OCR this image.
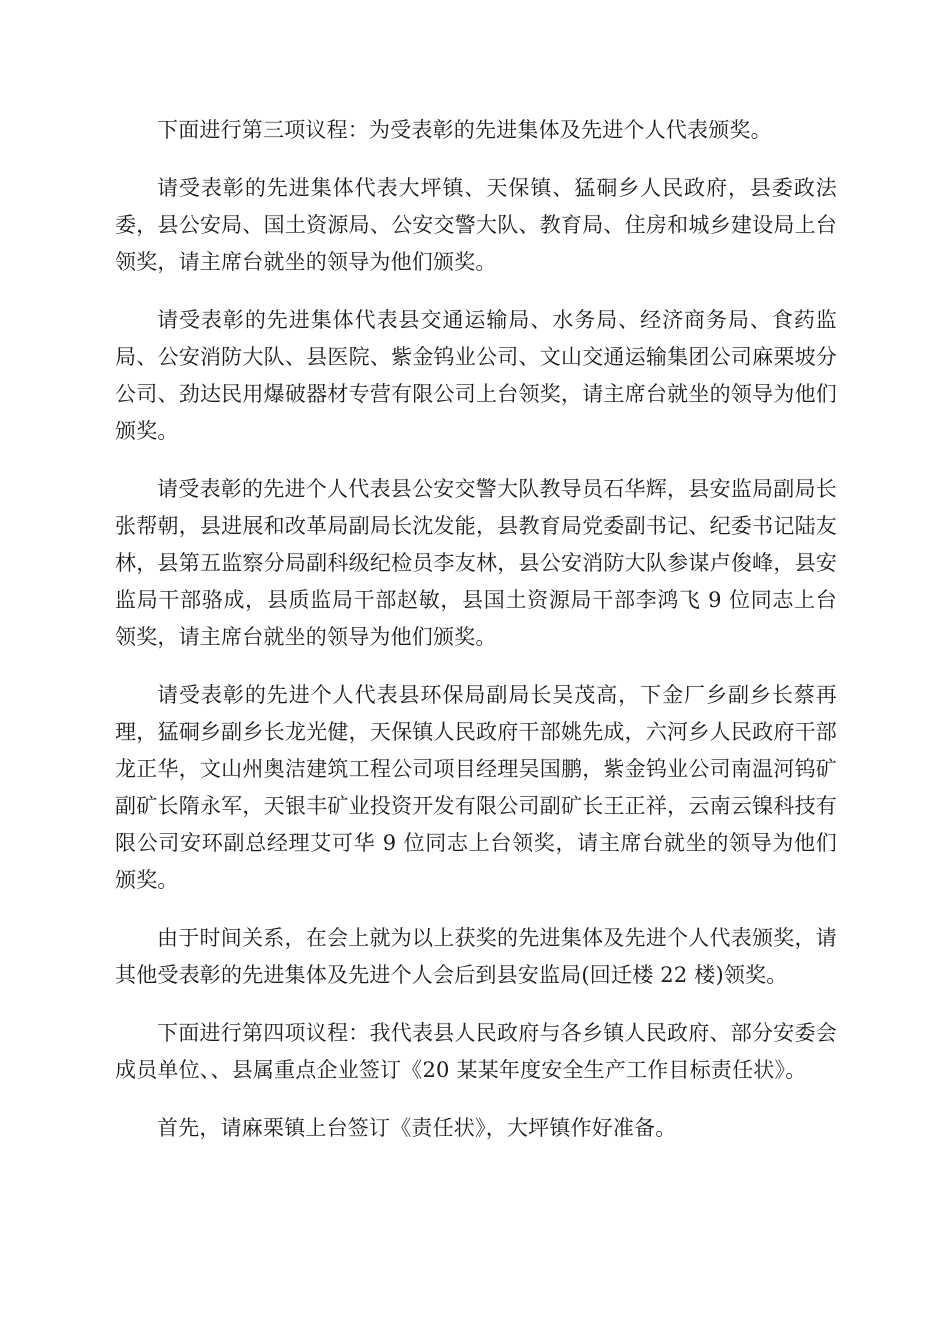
下面进行第三项议程：为受表彰的先进集体及先进个人代表颁奖。

请受表彰的先进集体代表大坪镇、天保镇、猛硐乡人民政府，县委政法委，县公安局、国土资源局、公安交警大队、教育局、住房和城乡建设局上台领奖，请主席台就坐的领导为他们颁奖。

请受表彰的先进集体代表县交通运输局、水务局、经济商务局、食药监局、公安消防大队、县医院、紫金钨业公司、文山交通运输集团公司麻栗坡分公司、劲达民用爆破器材专营有限公司上台领奖，请主席台就坐的领导为他们颁奖。

请受表彰的先进个人代表县公安交警大队教导员石华辉，县安监局副局长张帮朝，县进展和改革局副局长沈发能，县教育局党委副书记、纪委书记陆友林，县第五监察分局副科级纪检员李友林，县公安消防大队参谋卢俊峰，县安监局干部骆成，县质监局干部赵敏，县国土资源局干部李鸿飞 9 位同志上台领奖，请主席台就坐的领导为他们颁奖。

请受表彰的先进个人代表县环保局副局长吴茂高，下金厂乡副乡长蔡再理，猛硐乡副乡长龙光健，天保镇人民政府干部姚先成，六河乡人民政府干部龙正华，文山州奥洁建筑工程公司项目经理吴国鹏，紫金钨业公司南温河钨矿副矿长隋永军，天银丰矿业投资开发有限公司副矿长王正祥，云南云镍科技有限公司安环副总经理艾可华 9 位同志上台领奖，请主席台就坐的领导为他们颁奖。

由于时间关系，在会上就为以上获奖的先进集体及先进个人代表颁奖，请其他受表彰的先进集体及先进个人会后到县安监局(回迁楼 22 楼)领奖。

下面进行第四项议程：我代表县人民政府与各乡镇人民政府、部分安委会成员单位、、县属重点企业签订《20 某某年度安全生产工作目标责任状》。

首先，请麻栗镇上台签订《责任状》，大坪镇作好准备。
